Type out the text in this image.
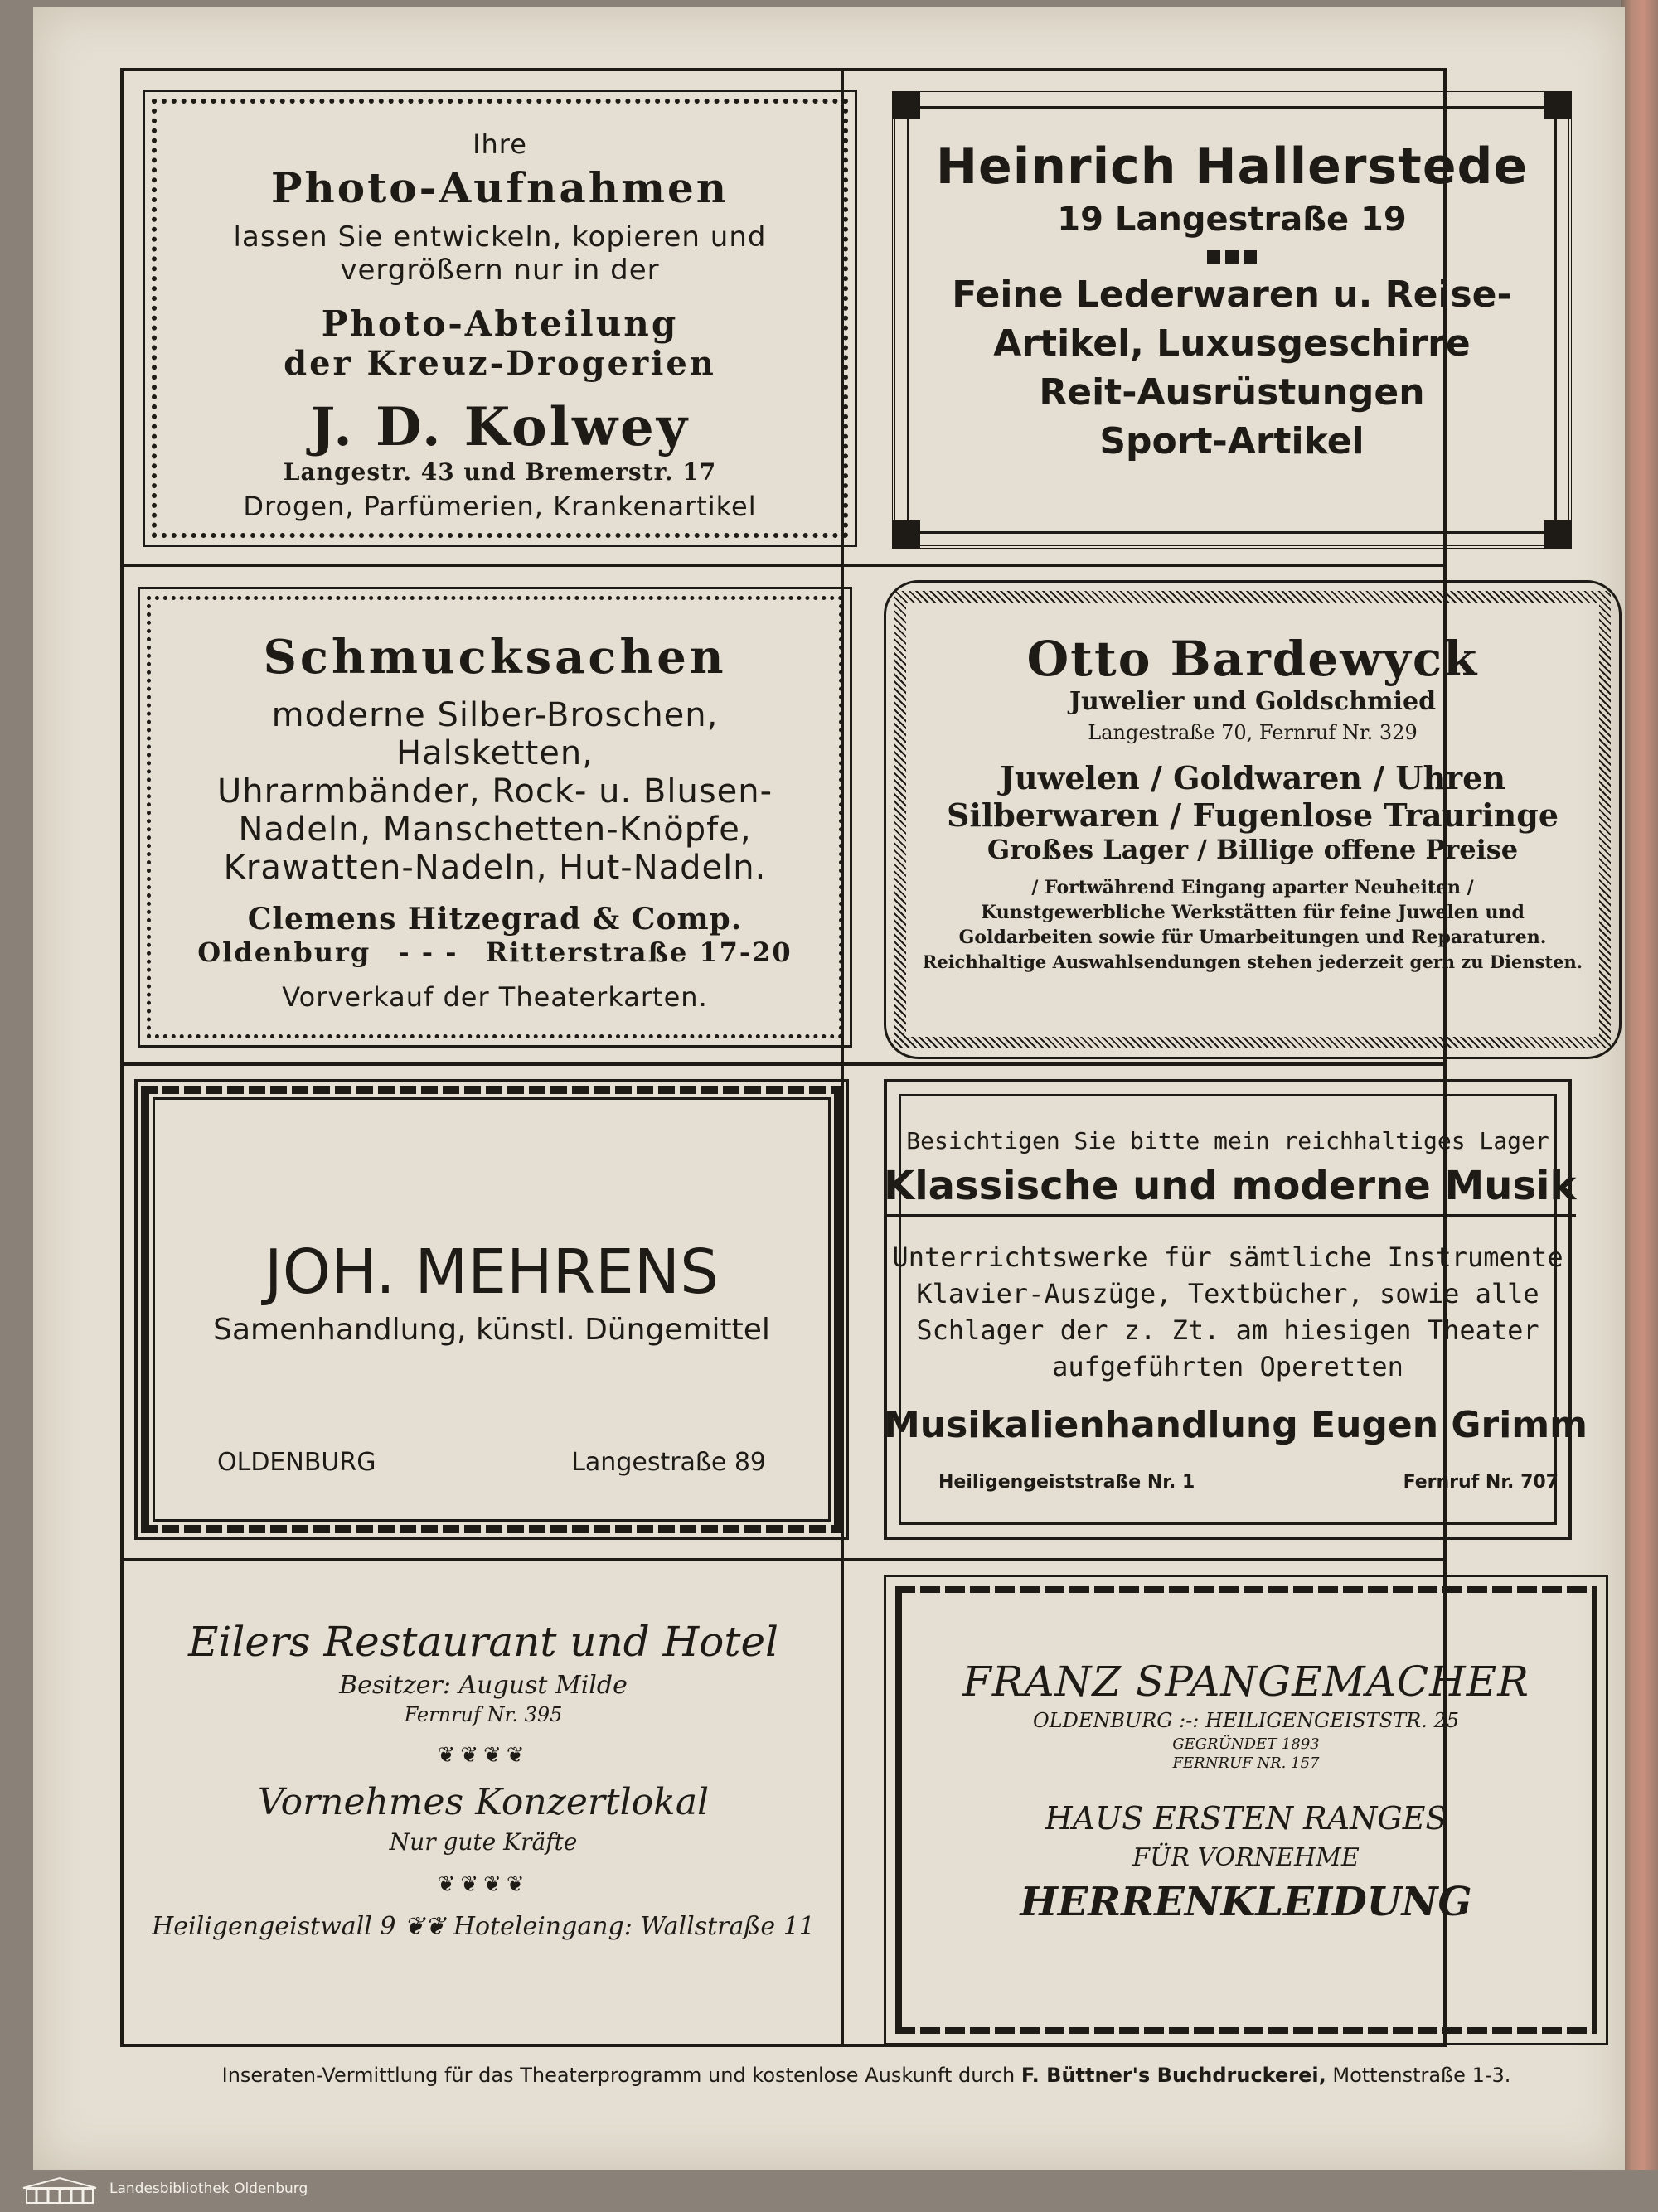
Ihre
Photo-Aufnahmen
lassen Sie entwickeln, kopieren und
vergrößern nur in der
Photo-Abteilung
der Kreuz-Drogerien
J. D. Kolwey
Langestr. 43 und Bremerstr. 17
Drogen, Parfümerien, Krankenartikel
Heinrich Hallerstede
19 Langestraße 19
Feine Lederwaren u. Reise-
Artikel, Luxusgeschirre
Reit-Ausrüstungen
Sport-Artikel
Schmucksachen
moderne Silber-Broschen,
Halsketten,
Uhrarmbänder, Rock- u. Blusen-
Nadeln, Manschetten-Knöpfe,
Krawatten-Nadeln, Hut-Nadeln.
Clemens Hitzegrad & Comp.
Oldenburg - - - Ritterstraße 17-20
Vorverkauf der Theaterkarten.
Otto Bardewyck
Juwelier und Goldschmied
Langestraße 70, Fernruf Nr. 329
Juwelen / Goldwaren / Uhren
Silberwaren / Fugenlose Trauringe
Großes Lager / Billige offene Preise
/ Fortwährend Eingang aparter Neuheiten /
Kunstgewerbliche Werkstätten für feine Juwelen und
Goldarbeiten sowie für Umarbeitungen und Reparaturen.
Reichhaltige Auswahlsendungen stehen jederzeit gern zu Diensten.
JOH. MEHRENS
Samenhandlung, künstl. Düngemittel
OLDENBURG	Langestraße 89
Besichtigen Sie bitte mein reichhaltiges Lager
Klassische und moderne Musik
Unterrichtswerke für sämtliche Instrumente
Klavier-Auszüge, Textbücher, sowie alle
Schlager der z. Zt. am hiesigen Theater
aufgeführten Operetten
Musikalienhandlung Eugen Grimm
Heiligengeiststraße Nr. 1	Fernruf Nr. 707
Eilers Restaurant und Hotel
Besitzer: August Milde
Fernruf Nr. 395
❦❦❦❦
Vornehmes Konzertlokal
Nur gute Kräfte
❦❦❦❦
Heiligengeistwall 9 ❦❦ Hoteleingang: Wallstraße 11
FRANZ SPANGEMACHER
OLDENBURG :-: HEILIGENGEISTSTR. 25
GEGRÜNDET 1893
FERNRUF NR. 157
HAUS ERSTEN RANGES
FÜR VORNEHME
HERRENKLEIDUNG
Inseraten-Vermittlung für das Theaterprogramm und kostenlose Auskunft durch F. Büttner's Buchdruckerei, Mottenstraße 1-3.
Landesbibliothek Oldenburg
